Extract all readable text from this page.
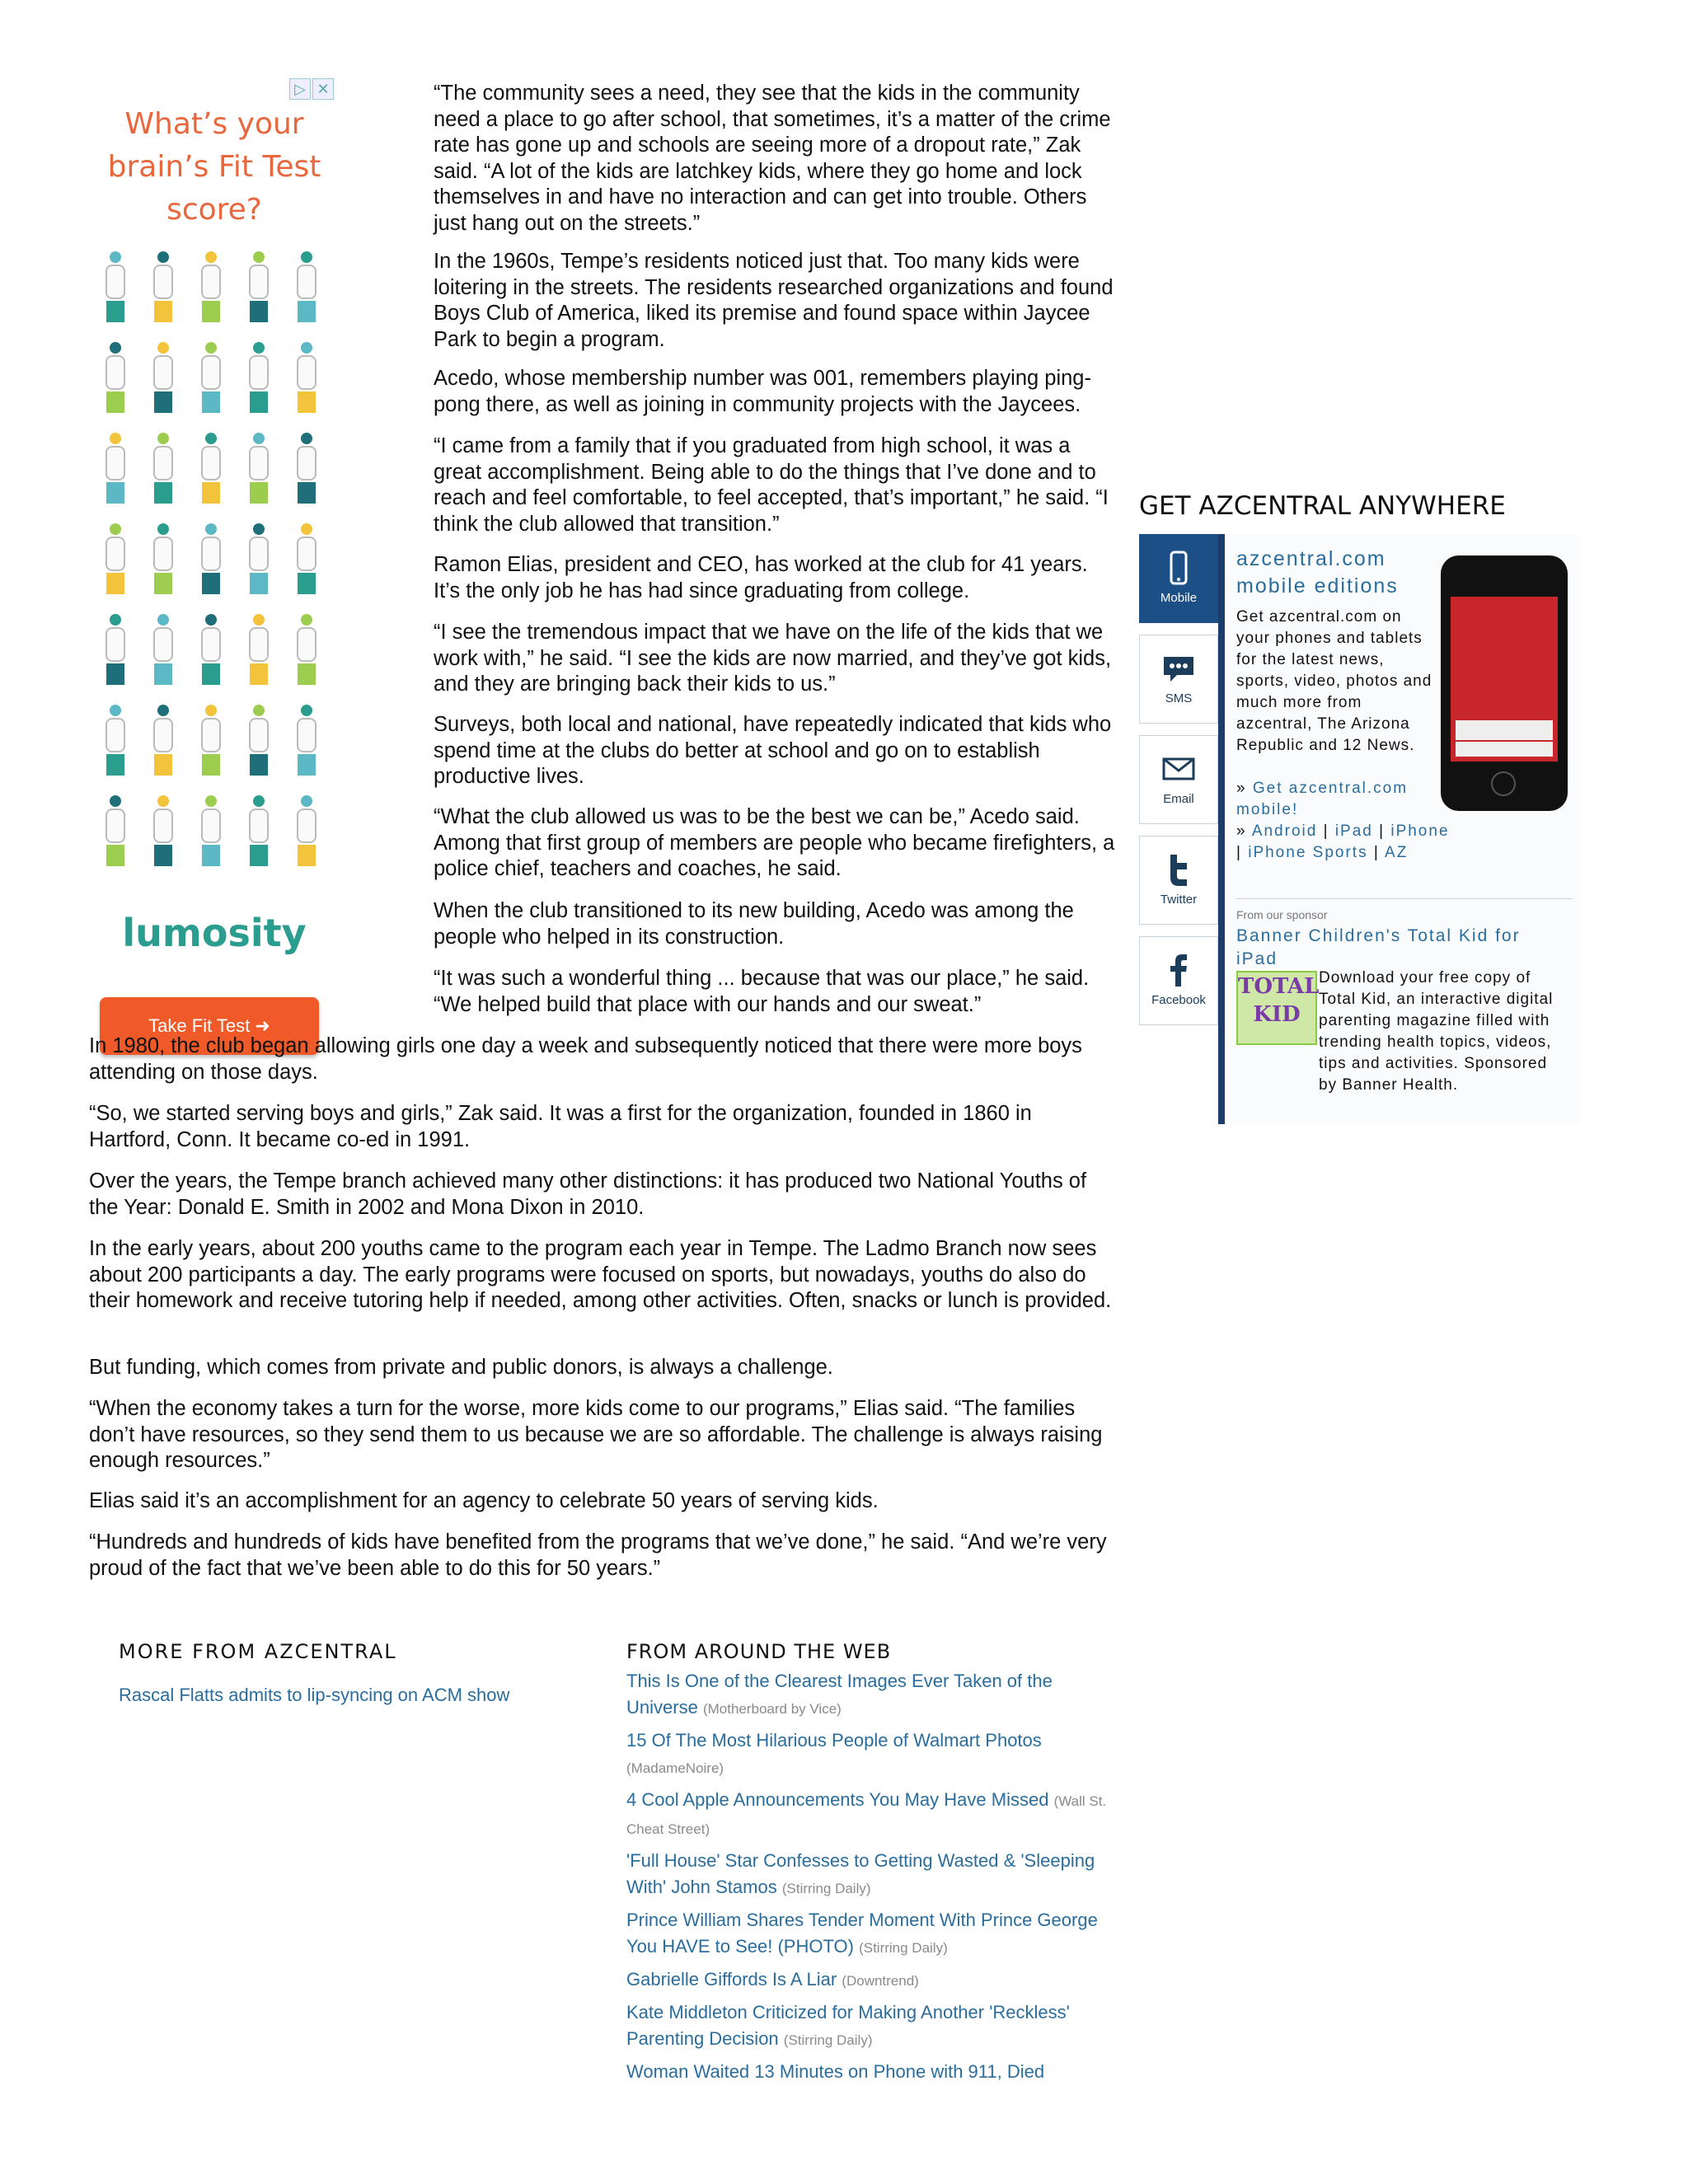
▷ ✕
What’s your brain’s Fit Test score?
lumosity
Take Fit Test ➜

“The community sees a need, they see that the kids in the community need a place to go after school, that sometimes, it’s a matter of the crime rate has gone up and schools are seeing more of a dropout rate,” Zak said. “A lot of the kids are latchkey kids, where they go home and lock themselves in and have no interaction and can get into trouble. Others just hang out on the streets.”

In the 1960s, Tempe’s residents noticed just that. Too many kids were loitering in the streets. The residents researched organizations and found Boys Club of America, liked its premise and found space within Jaycee Park to begin a program.

Acedo, whose membership number was 001, remembers playing ping-pong there, as well as joining in community projects with the Jaycees.

“I came from a family that if you graduated from high school, it was a great accomplishment. Being able to do the things that I’ve done and to reach and feel comfortable, to feel accepted, that’s important,” he said. “I think the club allowed that transition.”

Ramon Elias, president and CEO, has worked at the club for 41 years. It’s the only job he has had since graduating from college.

“I see the tremendous impact that we have on the life of the kids that we work with,” he said. “I see the kids are now married, and they’ve got kids, and they are bringing back their kids to us.”

Surveys, both local and national, have repeatedly indicated that kids who spend time at the clubs do better at school and go on to establish productive lives.

“What the club allowed us was to be the best we can be,” Acedo said. Among that first group of members are people who became firefighters, a police chief, teachers and coaches, he said.

When the club transitioned to its new building, Acedo was among the people who helped in its construction.

“It was such a wonderful thing ... because that was our place,” he said. “We helped build that place with our hands and our sweat.”

In 1980, the club began allowing girls one day a week and subsequently noticed that there were more boys attending on those days.

“So, we started serving boys and girls,” Zak said. It was a first for the organization, founded in 1860 in Hartford, Conn. It became co-ed in 1991.

Over the years, the Tempe branch achieved many other distinctions: it has produced two National Youths of the Year: Donald E. Smith in 2002 and Mona Dixon in 2010.

In the early years, about 200 youths came to the program each year in Tempe. The Ladmo Branch now sees about 200 participants a day. The early programs were focused on sports, but nowadays, youths do also do their homework and receive tutoring help if needed, among other activities. Often, snacks or lunch is provided.

But funding, which comes from private and public donors, is always a challenge.

“When the economy takes a turn for the worse, more kids come to our programs,” Elias said. “The families don’t have resources, so they send them to us because we are so affordable. The challenge is always raising enough resources.”

Elias said it’s an accomplishment for an agency to celebrate 50 years of serving kids.

“Hundreds and hundreds of kids have benefited from the programs that we’ve done,” he said. “And we’re very proud of the fact that we’ve been able to do this for 50 years.”

GET AZCENTRAL ANYWHERE
Mobile
SMS
Email
Twitter
Facebook
azcentral.com mobile editions
Get azcentral.com on your phones and tablets for the latest news, sports, video, photos and much more from azcentral, The Arizona Republic and 12 News.
» Get azcentral.com mobile!
» Android | iPad | iPhone | iPhone Sports | AZ
From our sponsor
Banner Children's Total Kid for iPad
TOTAL KID
Download your free copy of Total Kid, an interactive digital parenting magazine filled with trending health topics, videos, tips and activities. Sponsored by Banner Health.
MORE FROM AZCENTRAL
Rascal Flatts admits to lip-syncing on ACM show
FROM AROUND THE WEB

This Is One of the Clearest Images Ever Taken of the Universe (Motherboard by Vice)

15 Of The Most Hilarious People of Walmart Photos (MadameNoire)

4 Cool Apple Announcements You May Have Missed (Wall St. Cheat Street)

'Full House' Star Confesses to Getting Wasted & 'Sleeping With' John Stamos (Stirring Daily)

Prince William Shares Tender Moment With Prince George You HAVE to See! (PHOTO) (Stirring Daily)

Gabrielle Giffords Is A Liar (Downtrend)

Kate Middleton Criticized for Making Another 'Reckless' Parenting Decision (Stirring Daily)

Woman Waited 13 Minutes on Phone with 911, Died
